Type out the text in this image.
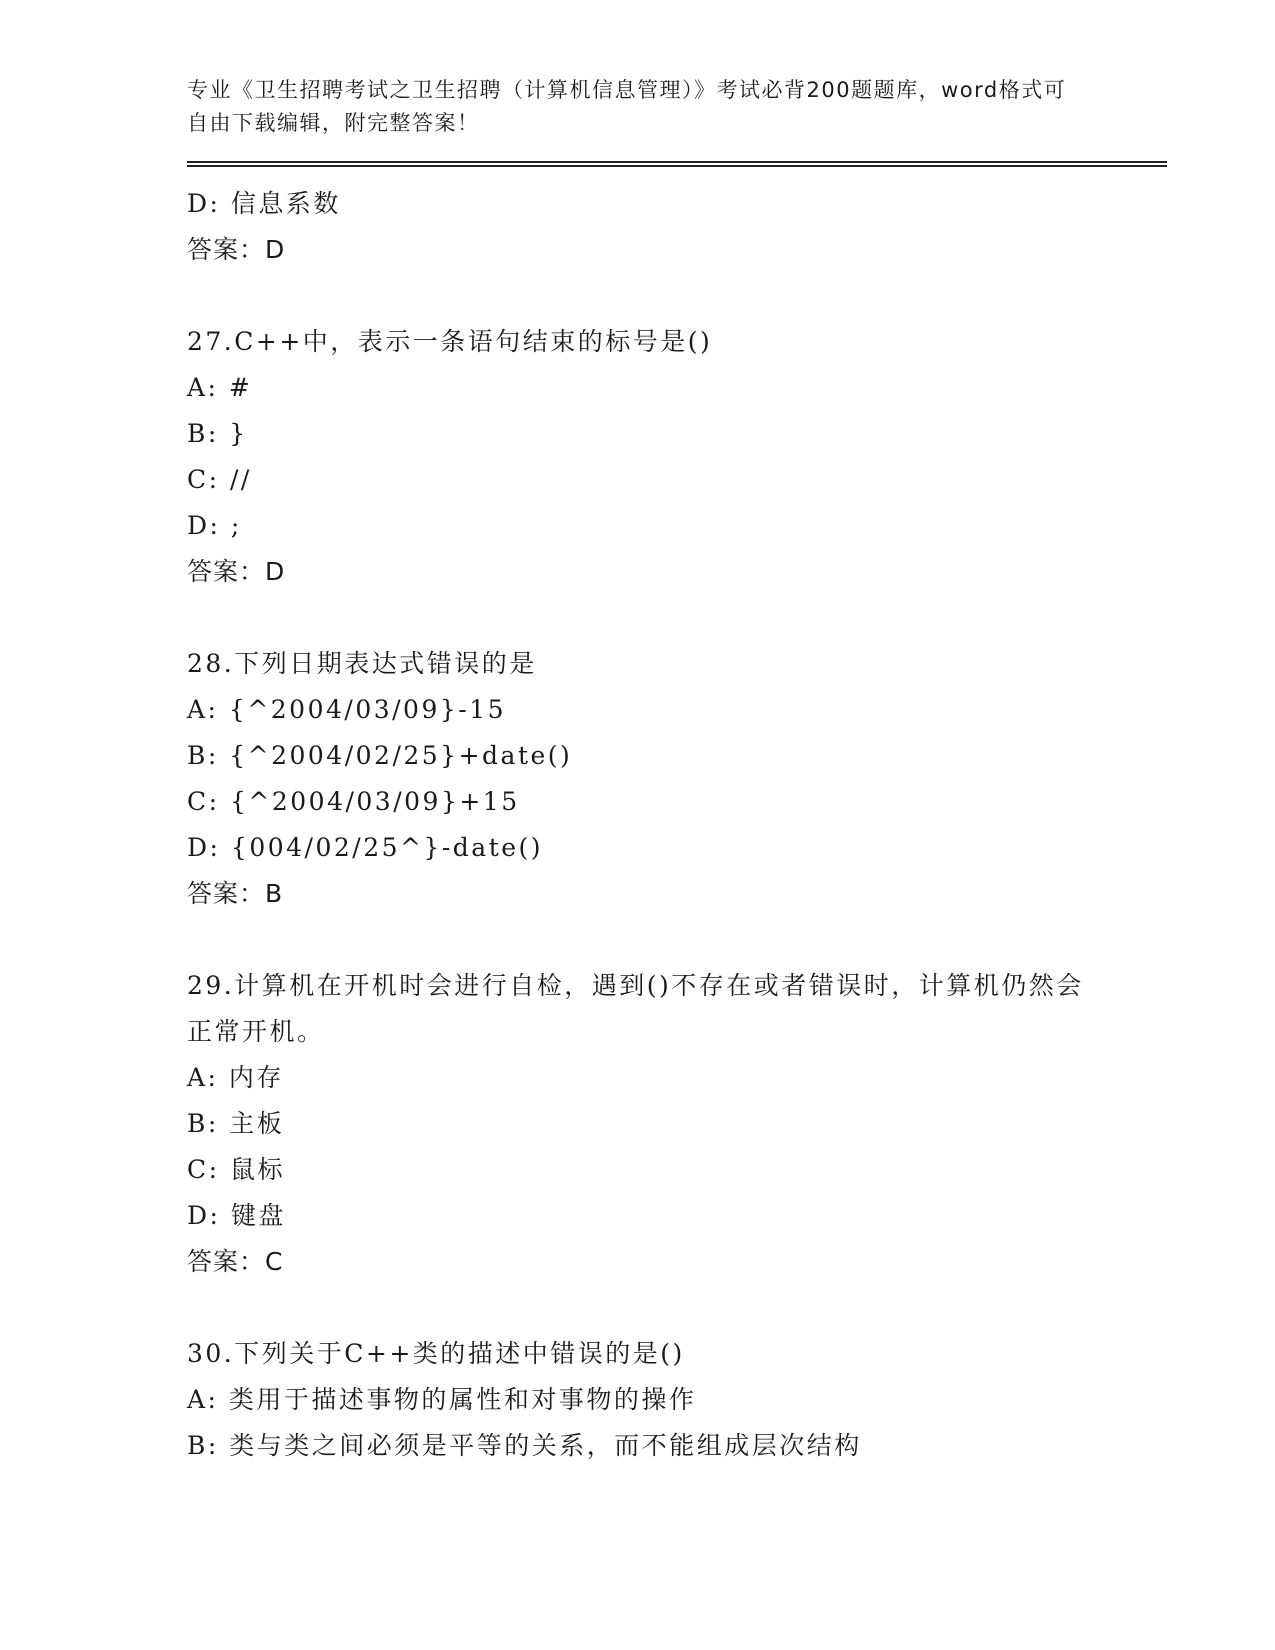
专业《卫生招聘考试之卫生招聘（计算机信息管理）》考试必背200题题库，word格式可自由下载编辑，附完整答案！

D: 信息系数
答案：D
27.C++中，表示一条语句结束的标号是()
A: #
B: }
C: //
D: ;
答案：D
28.下列日期表达式错误的是
A: {^2004/03/09}-15
B: {^2004/02/25}+date()
C: {^2004/03/09}+15
D: {004/02/25^}-date()
答案：B
29.计算机在开机时会进行自检，遇到()不存在或者错误时，计算机仍然会正常开机。
A: 内存
B: 主板
C: 鼠标
D: 键盘
答案：C
30.下列关于C++类的描述中错误的是()
A: 类用于描述事物的属性和对事物的操作
B: 类与类之间必须是平等的关系，而不能组成层次结构
